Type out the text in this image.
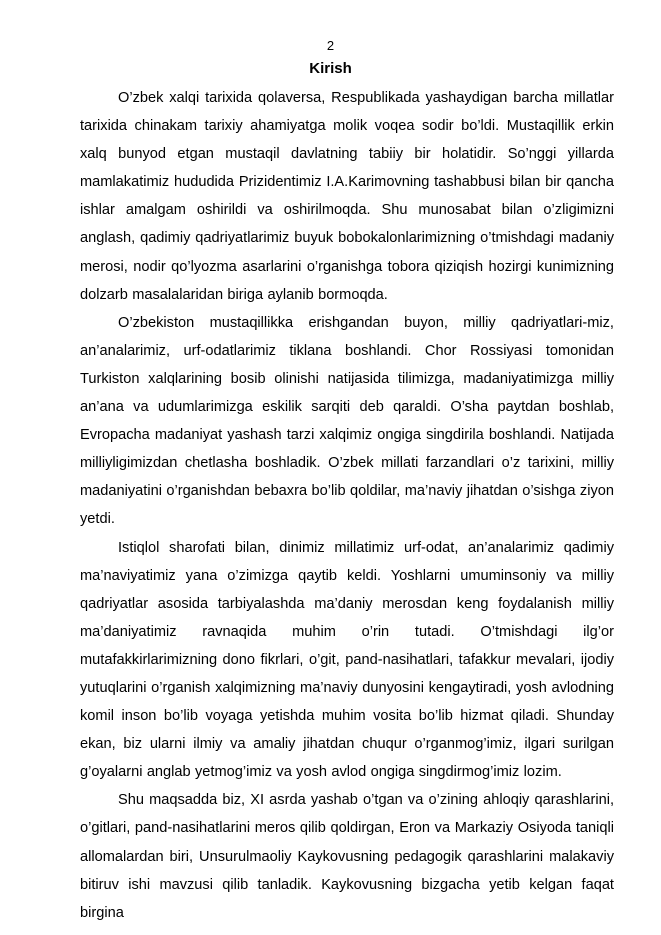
2
Kirish

O’zbek xalqi tarixida qolaversa, Respublikada yashaydigan barcha millatlar tarixida chinakam tarixiy ahamiyatga molik voqea sodir bo’ldi. Mustaqillik erkin xalq bunyod etgan mustaqil davlatning tabiiy bir holatidir. So’nggi yillarda mamlakatimiz hududida Prizidentimiz I.A.Karimovning tashabbusi bilan bir qancha ishlar amalgam oshirildi va oshirilmoqda. Shu munosabat bilan o’zligimizni anglash, qadimiy qadriyatlarimiz buyuk bobokalonlarimizning o’tmishdagi madaniy merosi, nodir qo’lyozma asarlarini o’rganishga tobora qiziqish hozirgi kunimizning dolzarb masalalaridan biriga aylanib bormoqda.

O’zbekiston mustaqillikka erishgandan buyon, milliy qadriyatlari-miz, an’analarimiz, urf-odatlarimiz tiklana boshlandi. Chor Rossiyasi tomonidan Turkiston xalqlarining bosib olinishi natijasida tilimizga, madaniyatimizga milliy an’ana va udumlarimizga eskilik sarqiti deb qaraldi. O’sha paytdan boshlab, Evropacha madaniyat yashash tarzi xalqimiz ongiga singdirila boshlandi. Natijada milliyligimizdan chetlasha boshladik. O’zbek millati farzandlari o’z tarixini, milliy madaniyatini o’rganishdan bebaxra bo’lib qoldilar, ma’naviy jihatdan o’sishga ziyon yetdi.

Istiqlol sharofati bilan, dinimiz millatimiz urf-odat, an’analarimiz qadimiy ma’naviyatimiz yana o’zimizga qaytib keldi. Yoshlarni umuminsoniy va milliy qadriyatlar asosida tarbiyalashda ma’daniy merosdan keng foydalanish milliy ma’daniyatimiz ravnaqida muhim o’rin tutadi. O’tmishdagi ilg’or mutafakkirlarimizning dono fikrlari, o’git, pand-nasihatlari, tafakkur mevalari, ijodiy yutuqlarini o’rganish xalqimizning ma’naviy dunyosini kengaytiradi, yosh avlodning komil inson bo’lib voyaga yetishda muhim vosita bo’lib hizmat qiladi. Shunday ekan, biz ularni ilmiy va amaliy jihatdan chuqur o’rganmog’imiz, ilgari surilgan g’oyalarni anglab yetmog’imiz va yosh avlod ongiga singdirmog’imiz lozim.

Shu maqsadda biz, XI asrda yashab o’tgan va o’zining ahloqiy qarashlarini, o’gitlari, pand-nasihatlarini meros qilib qoldirgan, Eron va Markaziy Osiyoda taniqli allomalardan biri, Unsurulmaoliy Kaykovusning pedagogik qarashlarini malakaviy bitiruv ishi mavzusi qilib tanladik. Kaykovusning bizgacha yetib kelgan faqat birgina
